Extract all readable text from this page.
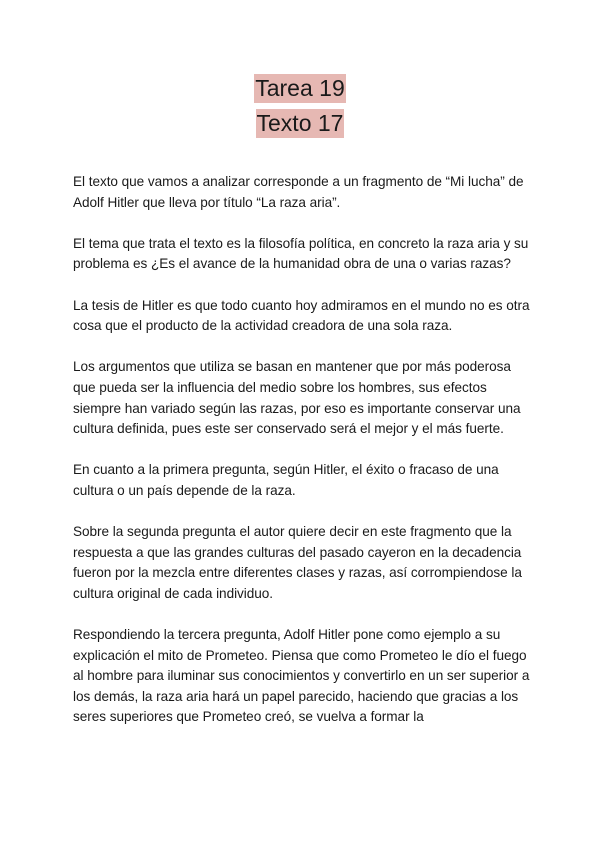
Tarea 19
Texto 17

El texto que vamos a analizar corresponde a un fragmento de “Mi lucha” de Adolf Hitler que lleva por título “La raza aria”.

El tema que trata el texto es la filosofía política, en concreto la raza aria y su problema es ¿Es el avance de la humanidad obra de una o varias razas?

La tesis de Hitler es que todo cuanto hoy admiramos en el mundo no es otra cosa que el producto de la actividad creadora de una sola raza.

Los argumentos que utiliza se basan en mantener que por más poderosa que pueda ser la influencia del medio sobre los hombres, sus efectos siempre han variado según las razas, por eso es importante conservar una cultura definida, pues este ser conservado será el mejor y el más fuerte.

En cuanto a la primera pregunta, según Hitler, el éxito o fracaso de una cultura o un país depende de la raza.

Sobre la segunda pregunta el autor quiere decir en este fragmento que la respuesta a que las grandes culturas del pasado cayeron en la decadencia fueron por la mezcla entre diferentes clases y razas, así corrompiendose la cultura original de cada individuo.

Respondiendo la tercera pregunta, Adolf Hitler pone como ejemplo a su explicación el mito de Prometeo. Piensa que como Prometeo le dío el fuego al hombre para iluminar sus conocimientos y convertirlo en un ser superior a los demás, la raza aria hará un papel parecido, haciendo que gracias a los seres superiores que Prometeo creó, se vuelva a formar la
